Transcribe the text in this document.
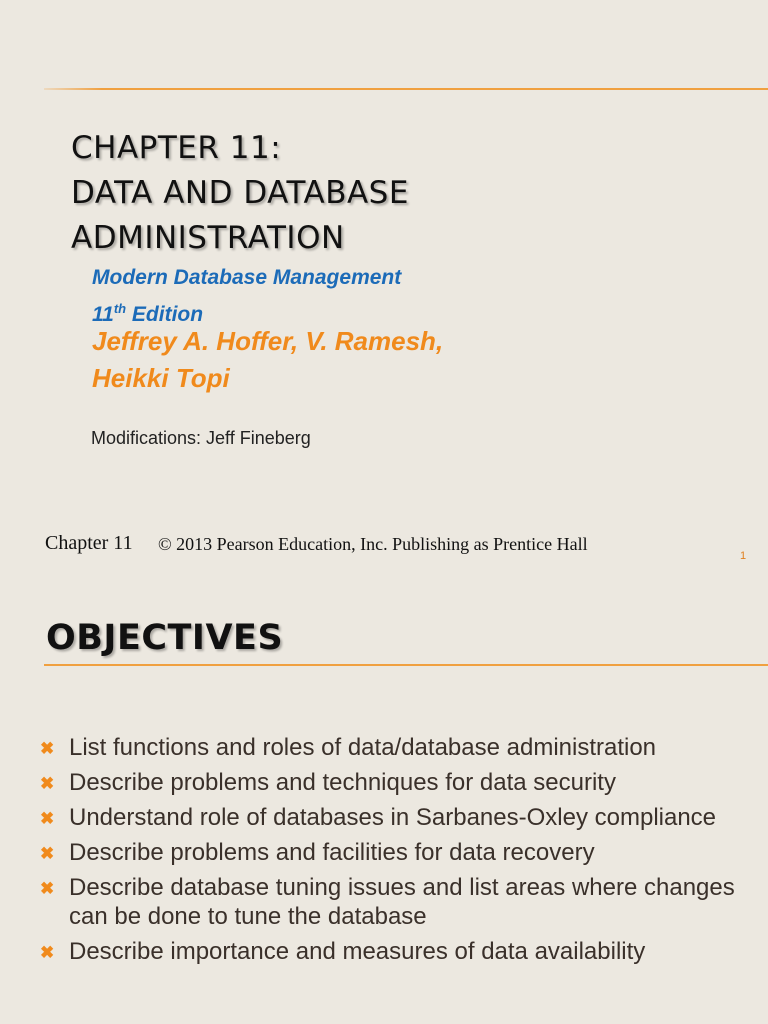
CHAPTER 11:
DATA AND DATABASE
ADMINISTRATION
Modern Database Management
11th Edition
Jeffrey A. Hoffer, V. Ramesh,
Heikki Topi
Modifications: Jeff Fineberg
Chapter 11 © 2013 Pearson Education, Inc. Publishing as Prentice Hall
1
OBJECTIVES
✖ List functions and roles of data/database administration
✖ Describe problems and techniques for data security
✖ Understand role of databases in Sarbanes-Oxley compliance
✖ Describe problems and facilities for data recovery
✖ Describe database tuning issues and list areas where changes can be done to tune the database
✖ Describe importance and measures of data availability
